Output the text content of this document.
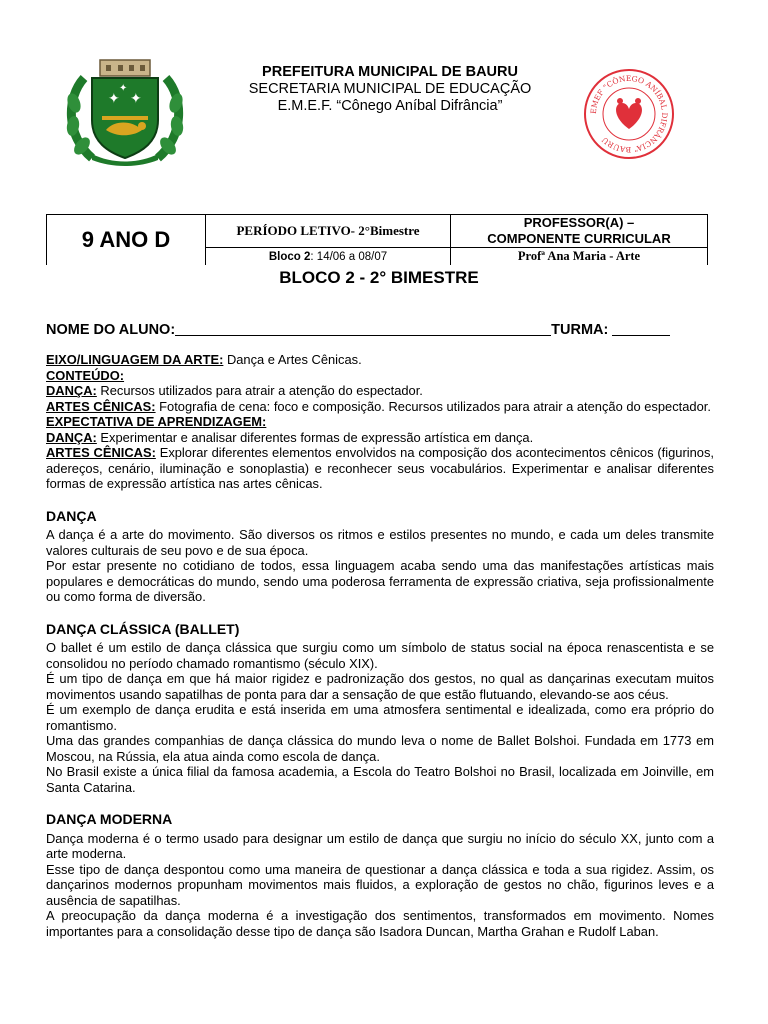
✦ ✦
✦
PREFEITURA MUNICIPAL DE BAURU
SECRETARIA MUNICIPAL DE EDUCAÇÃO
E.M.E.F. “Cônego Aníbal Difrância”	EMEF “CÔNEGO ANÍBAL DIFRÂNCIA” BAURU
9 ANO D	PERÍODO LETIVO- 2°Bimestre	PROFESSOR(A) –
COMPONENTE CURRICULAR

	Bloco 2: 14/06 a 08/07	Profª Ana Maria - Arte
BLOCO 2 - 2° BIMESTRE
NOME DO ALUNO:	TURMA:

EIXO/LINGUAGEM DA ARTE: Dança e Artes Cênicas.

CONTEÚDO:

DANÇA: Recursos utilizados para atrair a atenção do espectador.

ARTES CÊNICAS: Fotografia de cena: foco e composição. Recursos utilizados para atrair a atenção do espectador.

EXPECTATIVA DE APRENDIZAGEM:

DANÇA: Experimentar e analisar diferentes formas de expressão artística em dança.

ARTES CÊNICAS: Explorar diferentes elementos envolvidos na composição dos acontecimentos cênicos (figurinos, adereços, cenário, iluminação e sonoplastia) e reconhecer seus vocabulários. Experimentar e analisar diferentes formas de expressão artística nas artes cênicas.

DANÇA

A dança é a arte do movimento. São diversos os ritmos e estilos presentes no mundo, e cada um deles transmite valores culturais de seu povo e de sua época.

Por estar presente no cotidiano de todos, essa linguagem acaba sendo uma das manifestações artísticas mais populares e democráticas do mundo, sendo uma poderosa ferramenta de expressão criativa, seja profissionalmente ou como forma de diversão.

DANÇA CLÁSSICA (BALLET)

O ballet é um estilo de dança clássica que surgiu como um símbolo de status social na época renascentista e se consolidou no período chamado romantismo (século XIX).

É um tipo de dança em que há maior rigidez e padronização dos gestos, no qual as dançarinas executam muitos movimentos usando sapatilhas de ponta para dar a sensação de que estão flutuando, elevando-se aos céus.

É um exemplo de dança erudita e está inserida em uma atmosfera sentimental e idealizada, como era próprio do romantismo.

Uma das grandes companhias de dança clássica do mundo leva o nome de Ballet Bolshoi. Fundada em 1773 em Moscou, na Rússia, ela atua ainda como escola de dança.

No Brasil existe a única filial da famosa academia, a Escola do Teatro Bolshoi no Brasil, localizada em Joinville, em Santa Catarina.

DANÇA MODERNA

Dança moderna é o termo usado para designar um estilo de dança que surgiu no início do século XX, junto com a arte moderna.

Esse tipo de dança despontou como uma maneira de questionar a dança clássica e toda a sua rigidez. Assim, os dançarinos modernos propunham movimentos mais fluidos, a exploração de gestos no chão, figurinos leves e a ausência de sapatilhas.

A preocupação da dança moderna é a investigação dos sentimentos, transformados em movimento. Nomes importantes para a consolidação desse tipo de dança são Isadora Duncan, Martha Grahan e Rudolf Laban.
